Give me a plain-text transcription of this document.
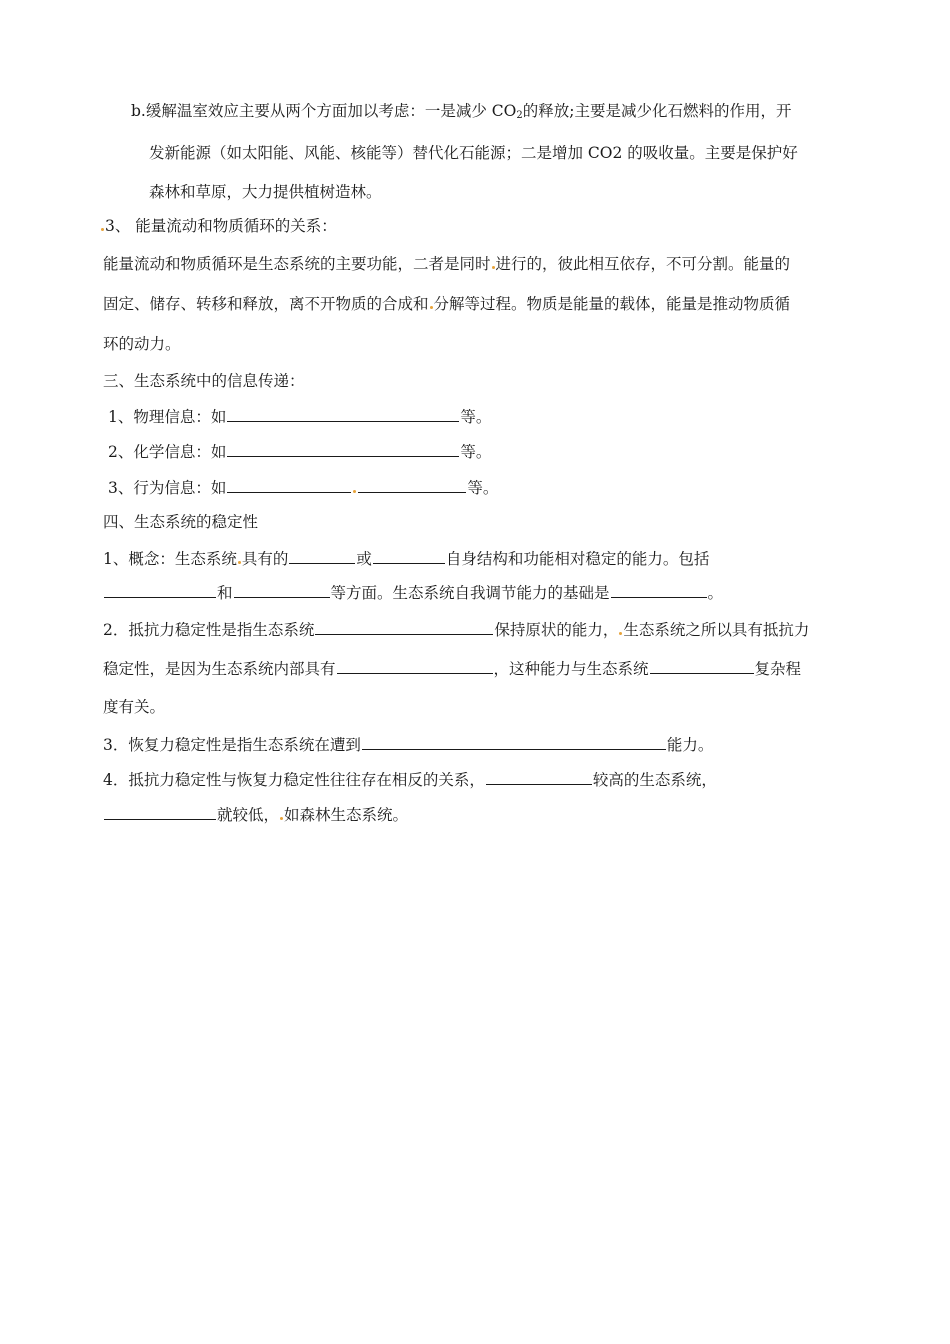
b.缓解温室效应主要从两个方面加以考虑：一是减少 $CO_2$的释放;主要是减少化石燃料的作用，开
发新能源（如太阳能、风能、核能等）替代化石能源；二是增加 CO2 的吸收量。主要是保护好
森林和草原，大力提供植树造林。
3、 能量流动和物质循环的关系：
能量流动和物质循环是生态系统的主要功能，二者是同时 进行的，彼此相互依存，不可分割。能量的
固定、储存、转移和释放，离不开物质的合成和 分解等过程。物质是能量的载体，能量是推动物质循
环的动力。
三、生态系统中的信息传递：
1、物理信息：如	等。
2、化学信息：如	等。
3、行为信息：如	等。
四、生态系统的稳定性
1、概念：生态系统 具有的	或	自身结构和功能相对稳定的能力。包括
和	等方面。生态系统自我调节能力的基础是	。
2．抵抗力稳定性是指生态系统	保持原状的能力， 生态系统之所以具有抵抗力
稳定性，是因为生态系统内部具有	，这种能力与生态系统	复杂程
度有关。
3．恢复力稳定性是指生态系统在遭到	能力。
4．抵抗力稳定性与恢复力稳定性往往存在相反的关系，	较高的生态系统，
就较低， 如森林生态系统。
